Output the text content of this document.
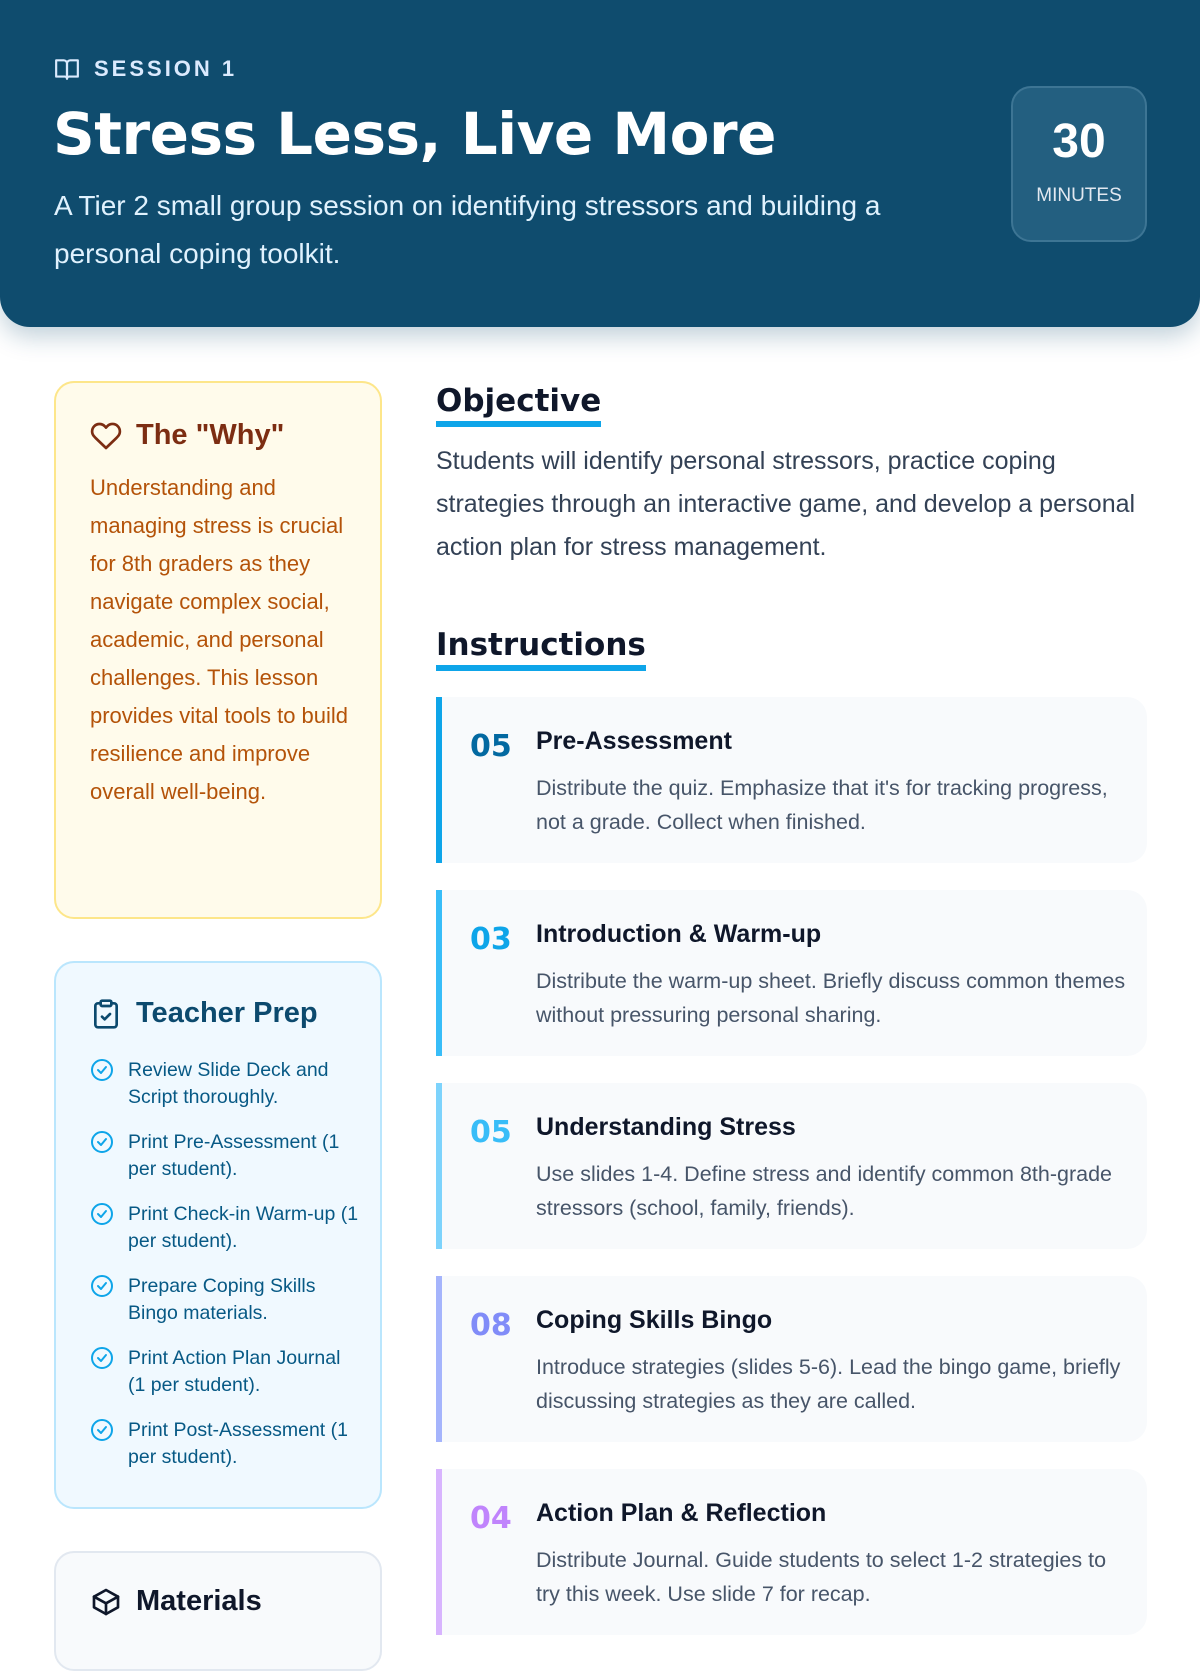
SESSION 1
Stress Less, Live More

A Tier 2 small group session on identifying stressors and building a personal coping toolkit.

30
MINUTES
The "Why"

Understanding and managing stress is crucial for 8th graders as they navigate complex social, academic, and personal challenges. This lesson provides vital tools to build resilience and improve overall well-being.

Teacher Prep
Review Slide Deck and Script thoroughly.
Print Pre-Assessment (1 per student).
Print Check-in Warm-up (1 per student).
Prepare Coping Skills Bingo materials.
Print Action Plan Journal (1 per student).
Print Post-Assessment (1 per student).
Materials
Objective

Students will identify personal stressors, practice coping strategies through an interactive game, and develop a personal action plan for stress management.

Instructions
05 Pre-Assessment

Distribute the quiz. Emphasize that it's for tracking progress, not a grade. Collect when finished.

03 Introduction & Warm-up

Distribute the warm-up sheet. Briefly discuss common themes without pressuring personal sharing.

05 Understanding Stress

Use slides 1-4. Define stress and identify common 8th-grade stressors (school, family, friends).

08 Coping Skills Bingo

Introduce strategies (slides 5-6). Lead the bingo game, briefly discussing strategies as they are called.

04 Action Plan & Reflection

Distribute Journal. Guide students to select 1-2 strategies to try this week. Use slide 7 for recap.
